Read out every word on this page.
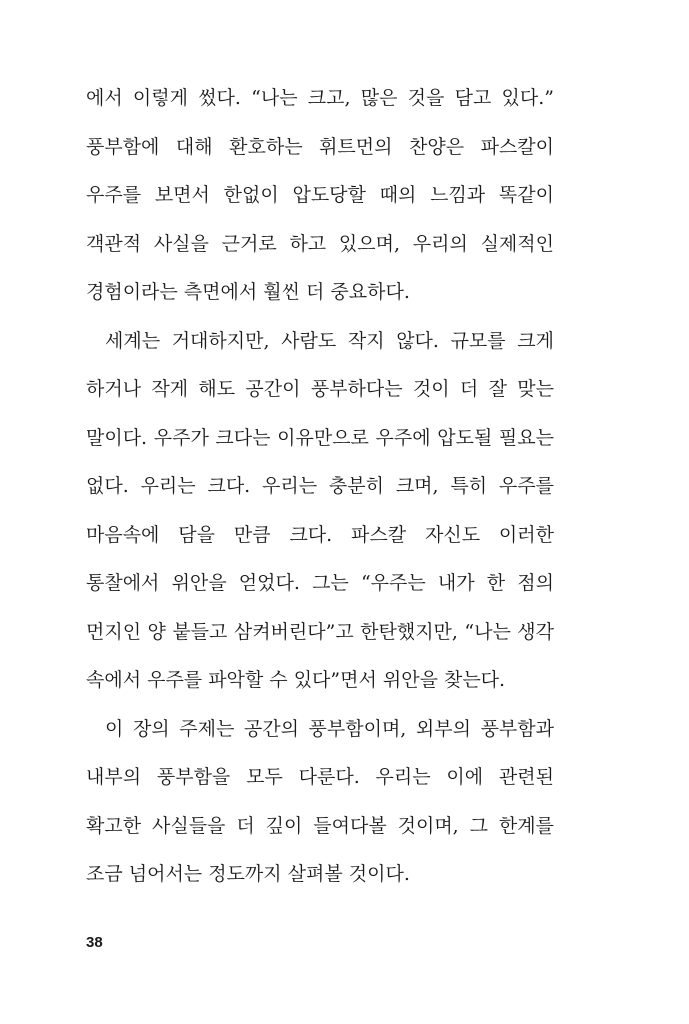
에서 이렇게 썼다. “나는 크고, 많은 것을 담고 있다.” 풍부함에 대해 환호하는 휘트먼의 찬양은 파스칼이 우주를 보면서 한없이 압도당할 때의 느낌과 똑같이 객관적 사실을 근거로 하고 있으며, 우리의 실제적인 경험이라는 측면에서 훨씬 더 중요하다.

세계는 거대하지만, 사람도 작지 않다. 규모를 크게 하거나 작게 해도 공간이 풍부하다는 것이 더 잘 맞는 말이다. 우주가 크다는 이유만으로 우주에 압도될 필요는 없다. 우리는 크다. 우리는 충분히 크며, 특히 우주를 마음속에 담을 만큼 크다. 파스칼 자신도 이러한 통찰에서 위안을 얻었다. 그는 “우주는 내가 한 점의 먼지인 양 붙들고 삼켜버린다”고 한탄했지만, “나는 생각 속에서 우주를 파악할 수 있다”면서 위안을 찾는다.

이 장의 주제는 공간의 풍부함이며, 외부의 풍부함과 내부의 풍부함을 모두 다룬다. 우리는 이에 관련된 확고한 사실들을 더 깊이 들여다볼 것이며, 그 한계를 조금 넘어서는 정도까지 살펴볼 것이다.

38
